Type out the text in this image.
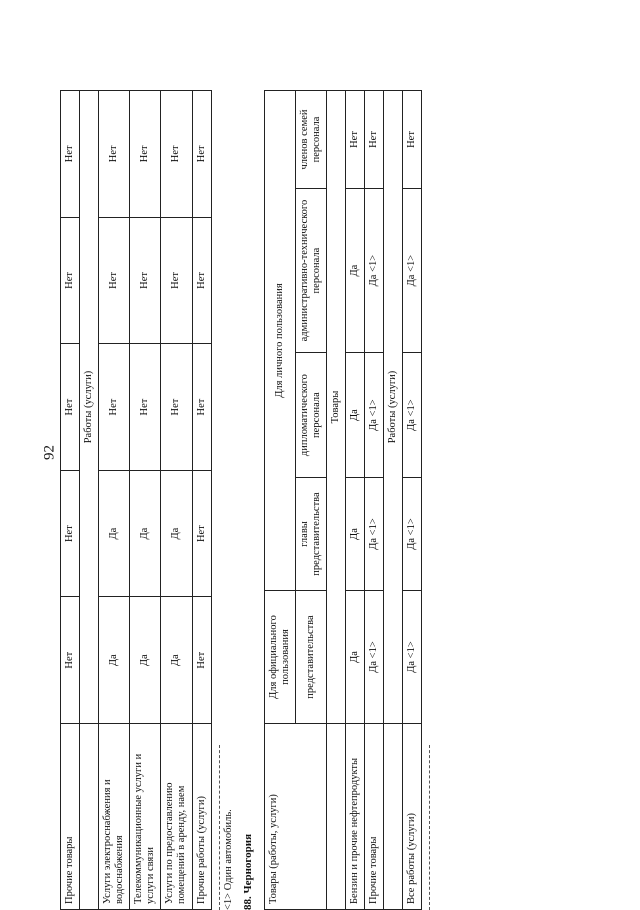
92
Прочие товары	Нет	Нет	Нет	Нет	Нет
	Работы (услуги)				
Услуги электроснабжения и водоснабжения	Да	Да	Нет	Нет	Нет
Телекоммуникационные услуги и услуги связи	Да	Да	Нет	Нет	Нет
Услуги по предоставлению помещений в аренду, наем	Да	Да	Нет	Нет	Нет
Прочие работы (услуги)	Нет	Нет	Нет	Нет	Нет

<1> Один автомобиль. 88. Черногория Товары (работы, услуги)	Для официального пользования	Для личного пользования			
	представительства	главы представительства	дипломатического персонала	административно-технического персонала	членов семей персонала
	Товары				
Бензин и прочие нефтепродукты	Да	Да	Да	Да	Нет
Прочие товары	Да <1>	Да <1>	Да <1>	Да <1>	Нет
	Работы (услуги)				
Все работы (услуги)	Да <1>	Да <1>	Да <1>	Да <1>	Нет
